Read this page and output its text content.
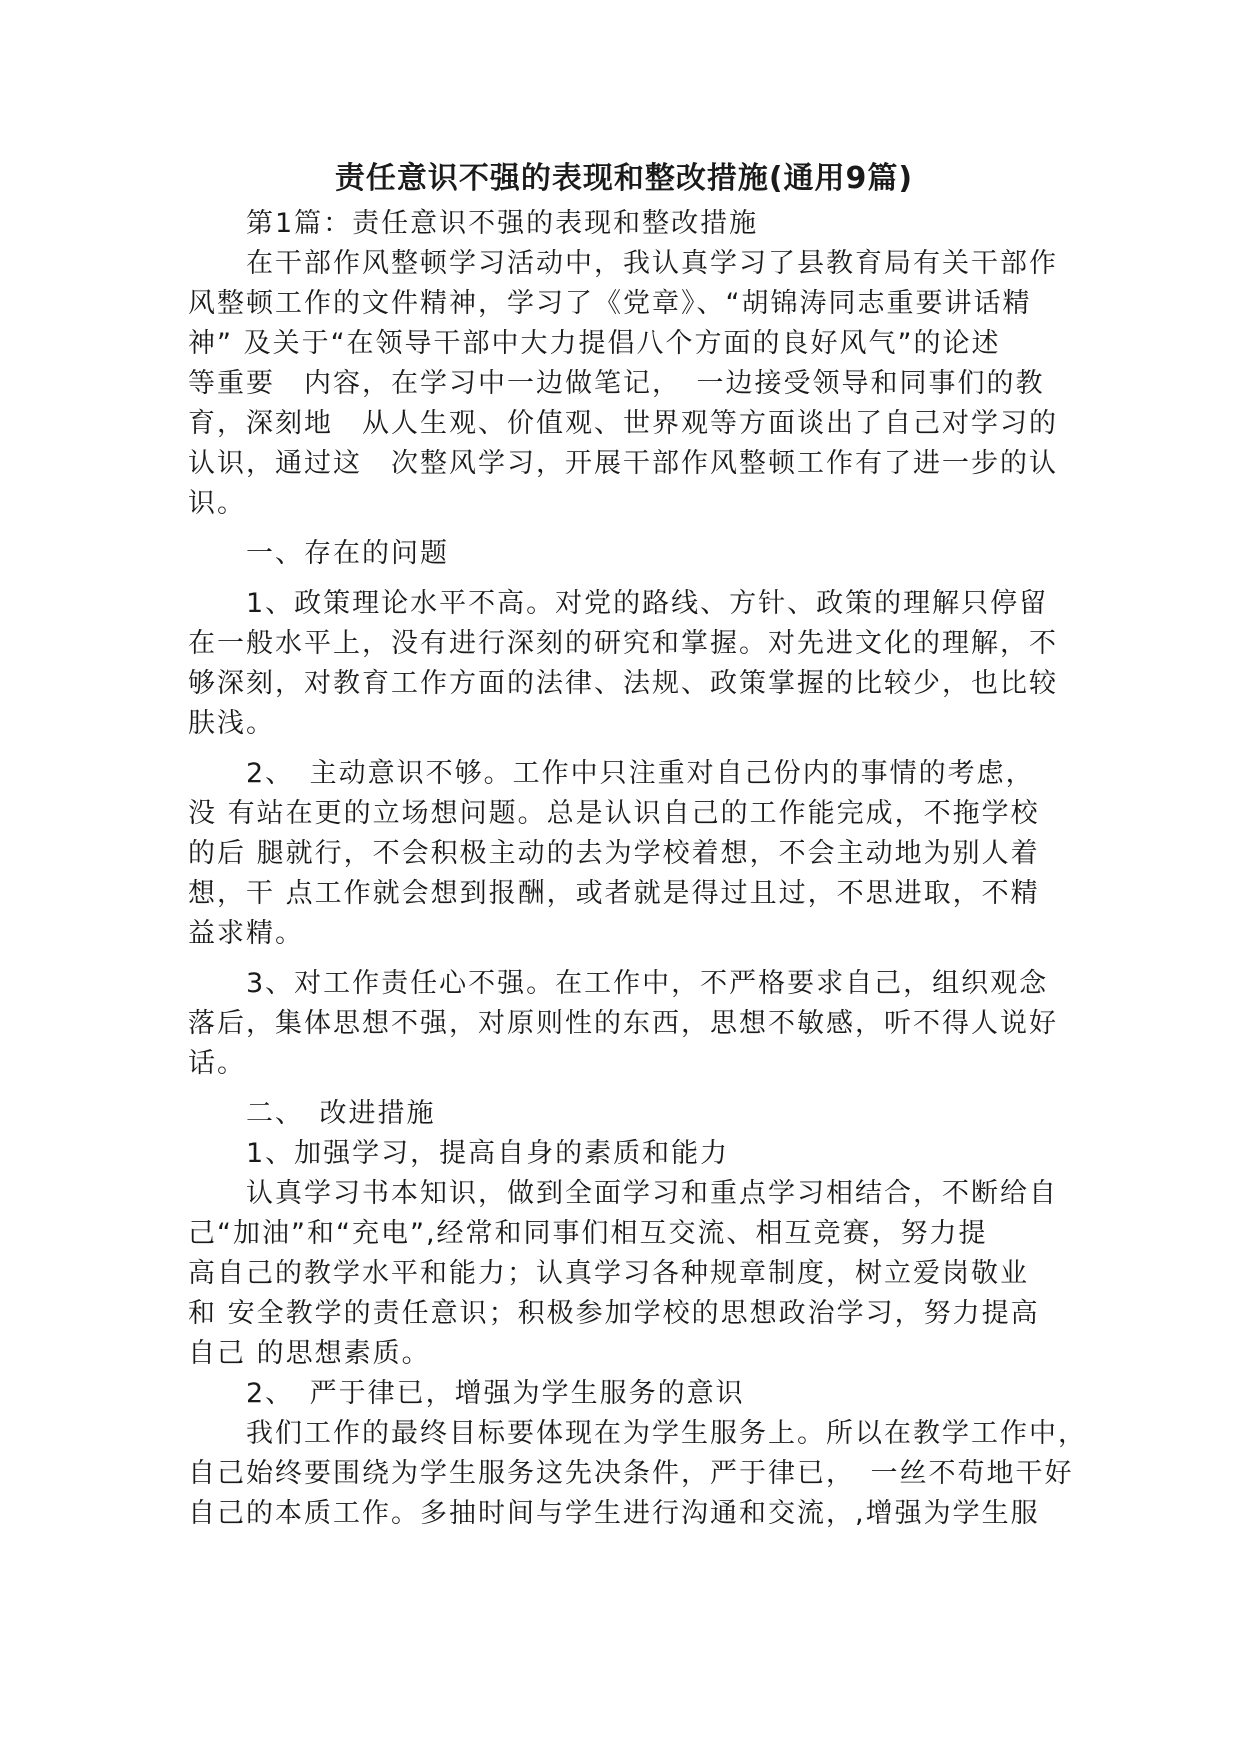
责任意识不强的表现和整改措施(通用9篇)

第1篇：责任意识不强的表现和整改措施

在干部作风整顿学习活动中，我认真学习了县教育局有关干部作

风整顿工作的文件精神，学习了《党章》、“胡锦涛同志重要讲话精

神” 及关于“在领导干部中大力提倡八个方面的良好风气”的论述

等重要　内容，在学习中一边做笔记，　一边接受领导和同事们的教

育，深刻地　从人生观、价值观、世界观等方面谈出了自己对学习的

认识，通过这　次整风学习，开展干部作风整顿工作有了进一步的认

识。

一、存在的问题

1、政策理论水平不高。对党的路线、方针、政策的理解只停留

在一般水平上，没有进行深刻的研究和掌握。对先进文化的理解，不

够深刻，对教育工作方面的法律、法规、政策掌握的比较少，也比较

肤浅。

2、　主动意识不够。工作中只注重对自己份内的事情的考虑，

没 有站在更的立场想问题。总是认识自己的工作能完成，不拖学校

的后 腿就行，不会积极主动的去为学校着想，不会主动地为别人着

想，干 点工作就会想到报酬，或者就是得过且过，不思进取，不精

益求精。

3、对工作责任心不强。在工作中，不严格要求自己，组织观念

落后，集体思想不强，对原则性的东西，思想不敏感，听不得人说好

话。

二、　改进措施

1、加强学习，提高自身的素质和能力

认真学习书本知识，做到全面学习和重点学习相结合，不断给自

己“加油”和“充电”,经常和同事们相互交流、相互竞赛，努力提

高自己的教学水平和能力；认真学习各种规章制度，树立爱岗敬业

和 安全教学的责任意识；积极参加学校的思想政治学习，努力提高

自己 的思想素质。

2、　严于律已，增强为学生服务的意识

我们工作的最终目标要体现在为学生服务上。所以在教学工作中，

自己始终要围绕为学生服务这先决条件，严于律已，　一丝不苟地干好

自己的本质工作。多抽时间与学生进行沟通和交流，,增强为学生服
